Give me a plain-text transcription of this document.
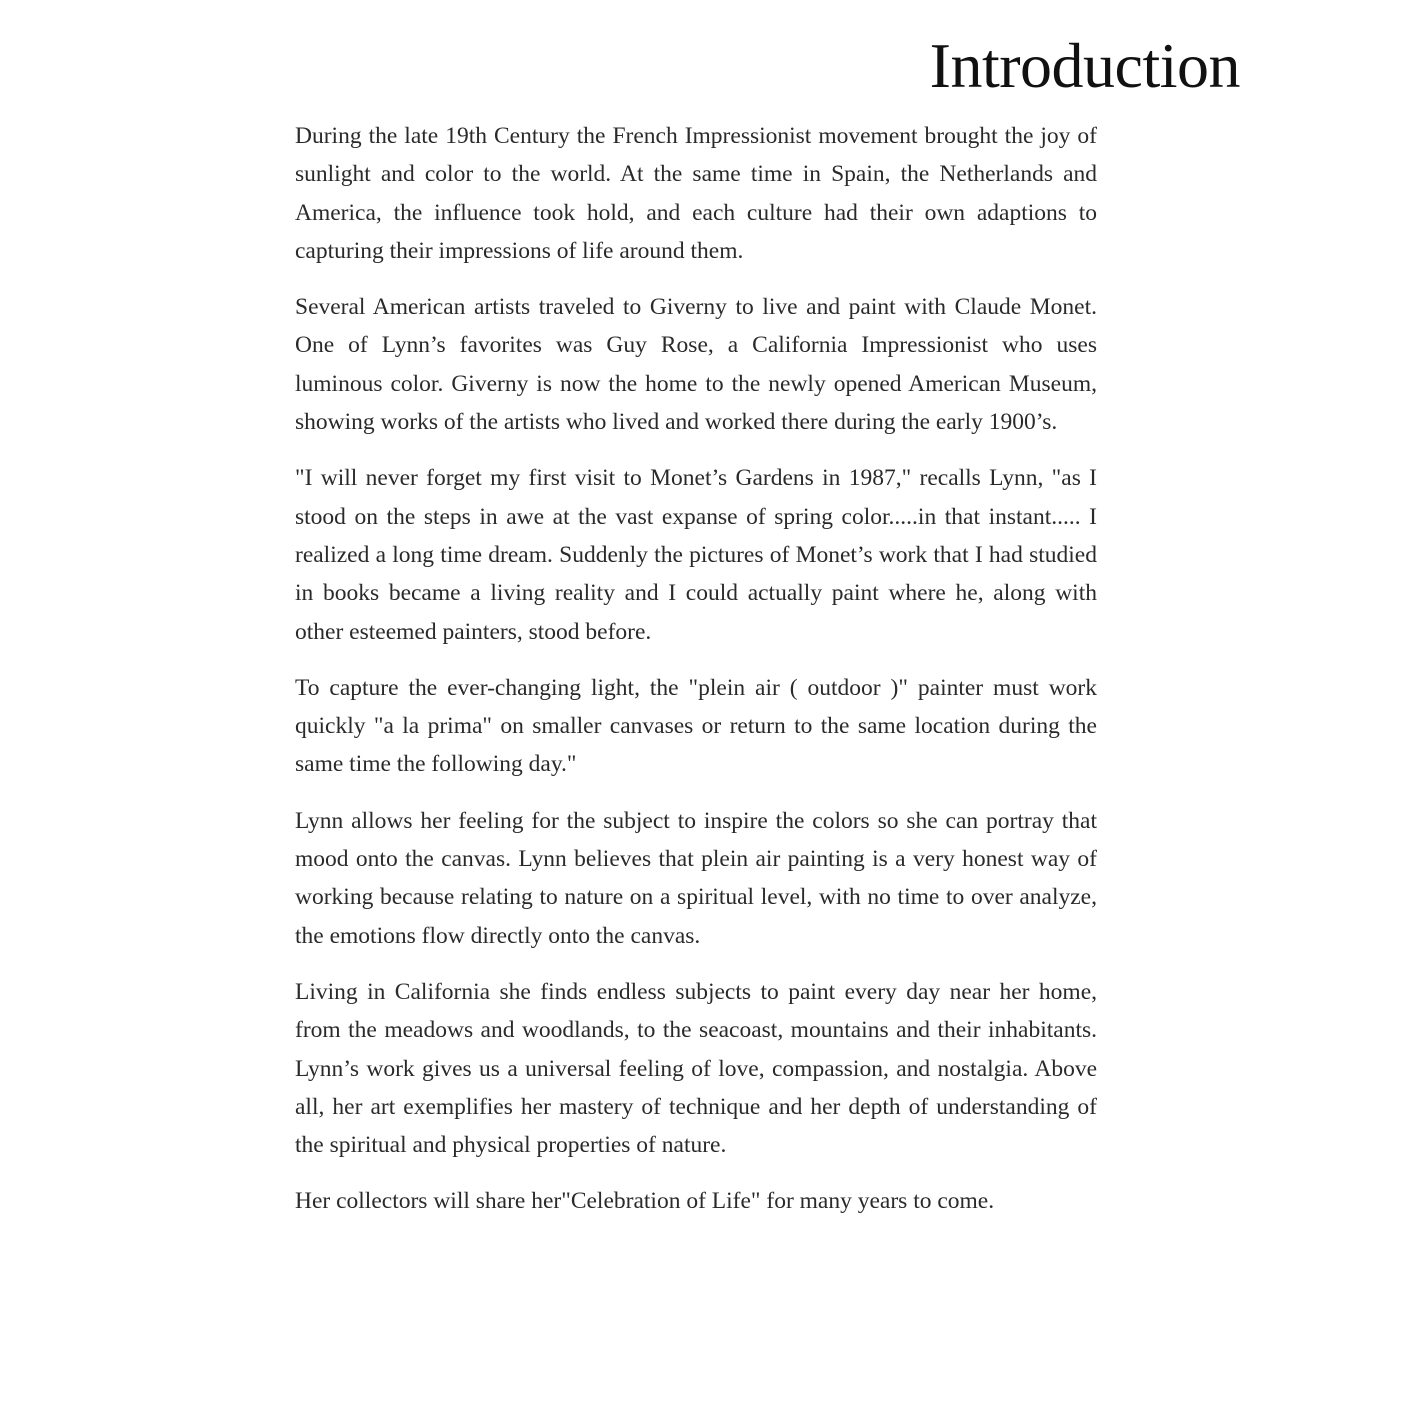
Introduction

During the late 19th Century the French Impressionist movement brought the joy of sunlight and color to the world. At the same time in Spain, the Netherlands and America, the influence took hold, and each culture had their own adaptions to capturing their impressions of life around them.

Several American artists traveled to Giverny to live and paint with Claude Monet. One of Lynn’s favorites was Guy Rose, a California Impressionist who uses luminous color. Giverny is now the home to the newly opened American Museum, showing works of the artists who lived and worked there during the early 1900’s.

"I will never forget my first visit to Monet’s Gardens in 1987," recalls Lynn, "as I stood on the steps in awe at the vast expanse of spring color.....in that instant..... I realized a long time dream. Suddenly the pictures of Monet’s work that I had studied in books became a living reality and I could actually paint where he, along with other esteemed painters, stood before.

To capture the ever-changing light, the "plein air ( outdoor )" painter must work quickly "a la prima" on smaller canvases or return to the same location during the same time the following day."

Lynn allows her feeling for the subject to inspire the colors so she can portray that mood onto the canvas. Lynn believes that plein air painting is a very honest way of working because relating to nature on a spiritual level, with no time to over analyze, the emotions flow directly onto the canvas.

Living in California she finds endless subjects to paint every day near her home, from the meadows and woodlands, to the seacoast, mountains and their inhabitants. Lynn’s work gives us a universal feeling of love, compassion, and nostalgia. Above all, her art exemplifies her mastery of technique and her depth of understanding of the spiritual and physical properties of nature.

Her collectors will share her"Celebration of Life" for many years to come.
